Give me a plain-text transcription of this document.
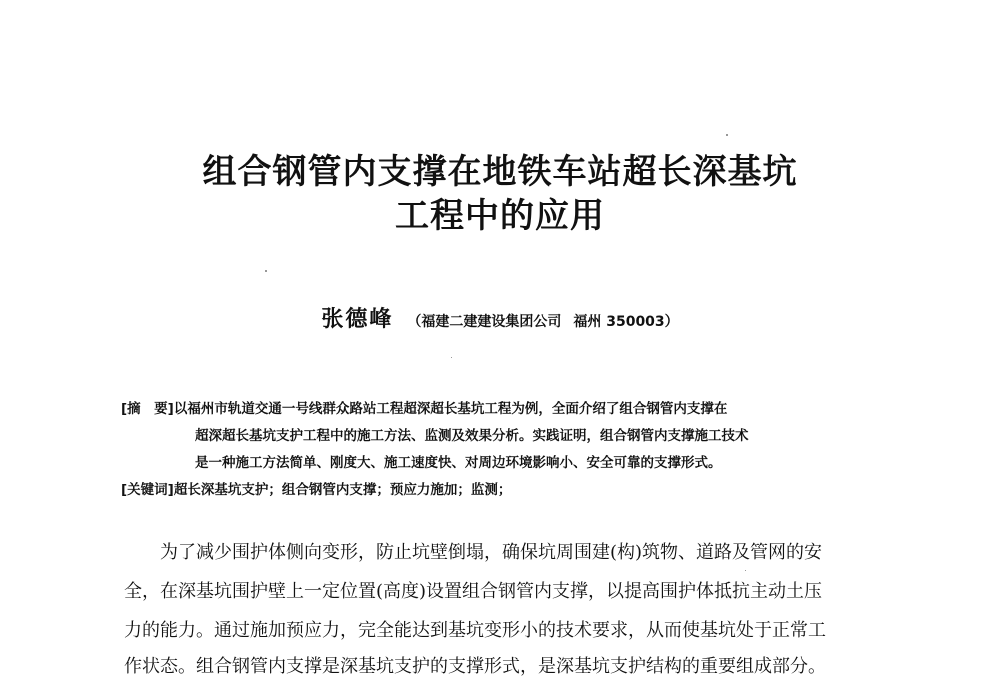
组合钢管内支撑在地铁车站超长深基坑
工程中的应用
张德峰 （福建二建建设集团公司 福州 350003）
[摘　要]以福州市轨道交通一号线群众路站工程超深超长基坑工程为例，全面介绍了组合钢管内支撑在
超深超长基坑支护工程中的施工方法、监测及效果分析。实践证明，组合钢管内支撑施工技术
是一种施工方法简单、刚度大、施工速度快、对周边环境影响小、安全可靠的支撑形式。
[关键词]超长深基坑支护；组合钢管内支撑；预应力施加；监测；
为了减少围护体侧向变形，防止坑壁倒塌，确保坑周围建(构)筑物、道路及管网的安
全，在深基坑围护壁上一定位置(高度)设置组合钢管内支撑，以提高围护体抵抗主动土压
力的能力。通过施加预应力，完全能达到基坑变形小的技术要求，从而使基坑处于正常工
作状态。组合钢管内支撑是深基坑支护的支撑形式，是深基坑支护结构的重要组成部分。
